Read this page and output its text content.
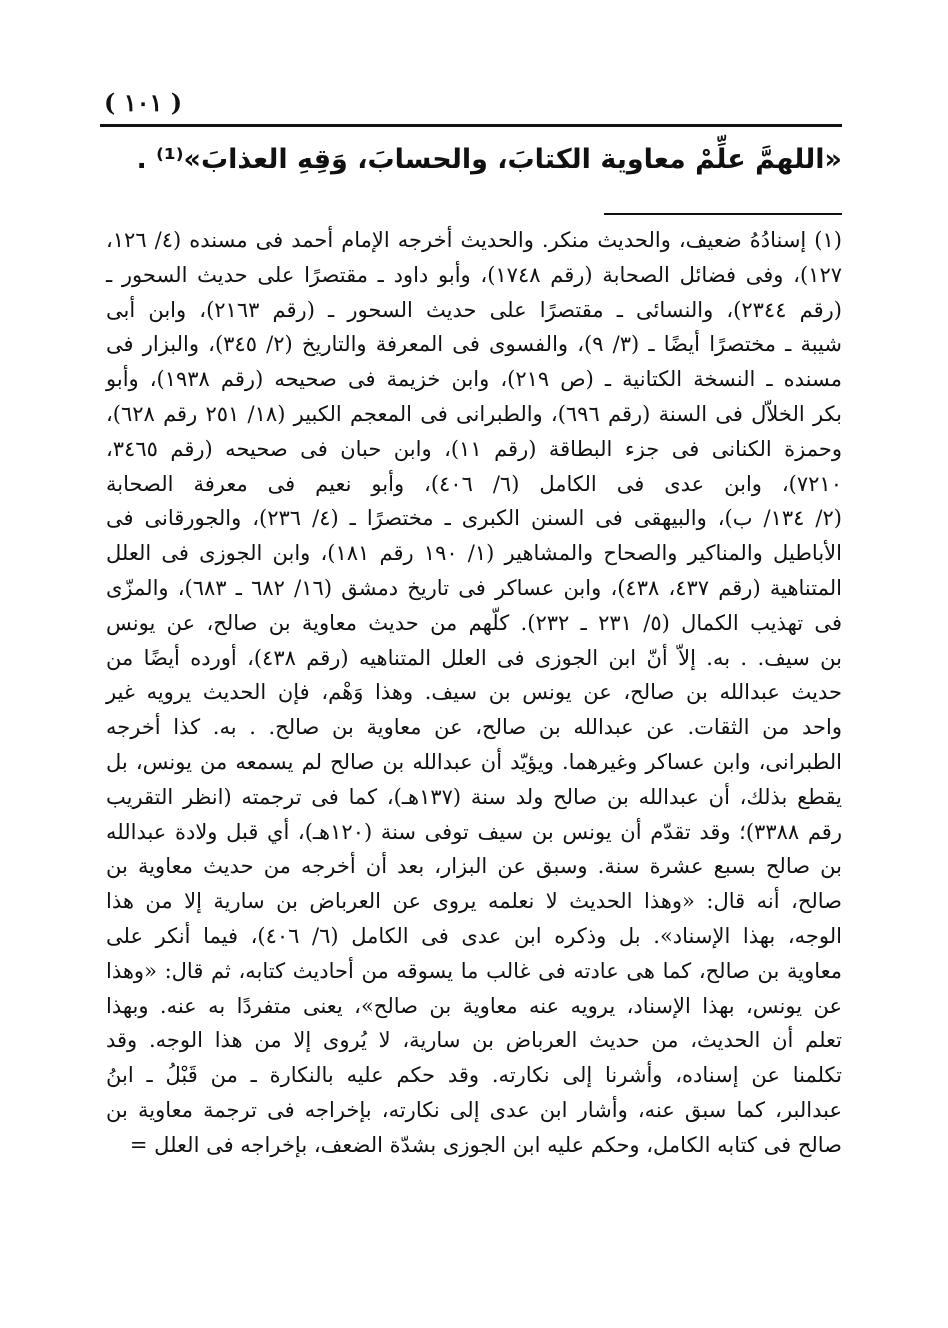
( ١٠١ )
«اللهمَّ علِّمْ معاوية الكتابَ، والحسابَ، وَقِهِ العذابَ»⁽¹⁾ .
(١) إسنادُهُ ضعيف، والحديث منكر. والحديث أخرجه الإمام أحمد فى مسنده (٤/ ١٢٦،
١٢٧)، وفى فضائل الصحابة (رقم ١٧٤٨)، وأبو داود ـ مقتصرًا على حديث السحور ـ
(رقم ٢٣٤٤)، والنسائى ـ مقتصرًا على حديث السحور ـ (رقم ٢١٦٣)، وابن أبى
شيبة ـ مختصرًا أيضًا ـ (٣/ ٩)، والفسوى فى المعرفة والتاريخ (٢/ ٣٤٥)، والبزار فى
مسنده ـ النسخة الكتانية ـ (ص ٢١٩)، وابن خزيمة فى صحيحه (رقم ١٩٣٨)، وأبو
بكر الخلاّل فى السنة (رقم ٦٩٦)، والطبرانى فى المعجم الكبير (١٨/ ٢٥١ رقم ٦٢٨)،
وحمزة الكنانى فى جزء البطاقة (رقم ١١)، وابن حبان فى صحيحه (رقم ٣٤٦٥،
٧٢١٠)، وابن عدى فى الكامل (٦/ ٤٠٦)، وأبو نعيم فى معرفة الصحابة
(٢/ ١٣٤/ ب)، والبيهقى فى السنن الكبرى ـ مختصرًا ـ (٤/ ٢٣٦)، والجورقانى فى
الأباطيل والمناكير والصحاح والمشاهير (١/ ١٩٠ رقم ١٨١)، وابن الجوزى فى العلل
المتناهية (رقم ٤٣٧، ٤٣٨)، وابن عساكر فى تاريخ دمشق (١٦/ ٦٨٢ ـ ٦٨٣)، والمزّى
فى تهذيب الكمال (٥/ ٢٣١ ـ ٢٣٢). كلّهم من حديث معاوية بن صالح، عن يونس
بن سيف. . به. إلاّ أنّ ابن الجوزى فى العلل المتناهيه (رقم ٤٣٨)، أورده أيضًا من
حديث عبدالله بن صالح، عن يونس بن سيف. وهذا وَهْم، فإن الحديث يرويه غير
واحد من الثقات. عن عبدالله بن صالح، عن معاوية بن صالح. . به. كذا أخرجه
الطبرانى، وابن عساكر وغيرهما. ويؤيّد أن عبدالله بن صالح لم يسمعه من يونس، بل
يقطع بذلك، أن عبدالله بن صالح ولد سنة (١٣٧هـ)، كما فى ترجمته (انظر التقريب
رقم ٣٣٨٨)؛ وقد تقدّم أن يونس بن سيف توفى سنة (١٢٠هـ)، أي قبل ولادة عبدالله
بن صالح بسبع عشرة سنة. وسبق عن البزار، بعد أن أخرجه من حديث معاوية بن
صالح، أنه قال: «وهذا الحديث لا نعلمه يروى عن العرباض بن سارية إلا من هذا
الوجه، بهذا الإسناد». بل وذكره ابن عدى فى الكامل (٦/ ٤٠٦)، فيما أنكر على
معاوية بن صالح، كما هى عادته فى غالب ما يسوقه من أحاديث كتابه، ثم قال: «وهذا
عن يونس، بهذا الإسناد، يرويه عنه معاوية بن صالح»، يعنى متفردًا به عنه. وبهذا
تعلم أن الحديث، من حديث العرباض بن سارية، لا يُروى إلا من هذا الوجه. وقد
تكلمنا عن إسناده، وأشرنا إلى نكارته. وقد حكم عليه بالنكارة ـ من قَبْلُ ـ ابنُ
عبدالبر، كما سبق عنه، وأشار ابن عدى إلى نكارته، بإخراجه فى ترجمة معاوية بن
صالح فى كتابه الكامل، وحكم عليه ابن الجوزى بشدّة الضعف، بإخراجه فى العلل =
